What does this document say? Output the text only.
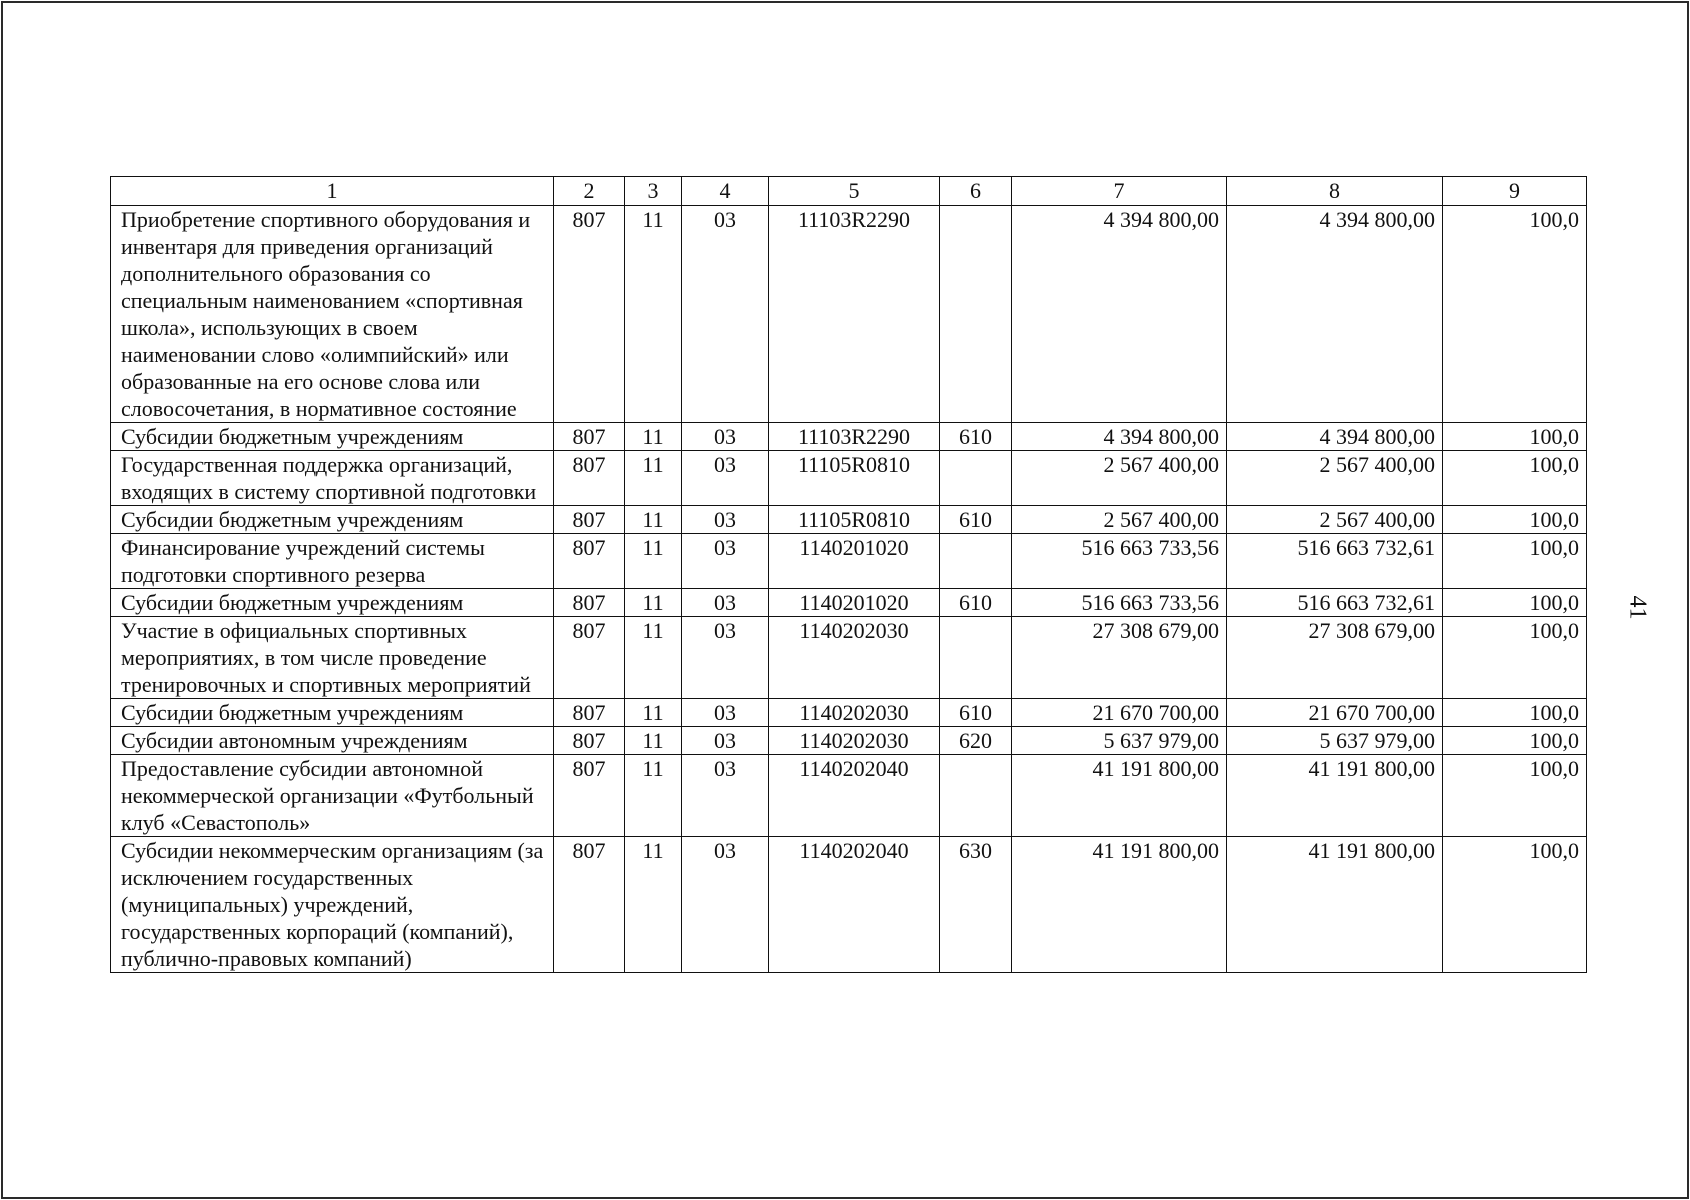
1	2	3	4	5	6	7	8	9
Приобретение спортивного оборудования и инвентаря для приведения организаций дополнительного образования со специальным наименованием «спортивная школа», использующих в своем наименовании слово «олимпийский» или образованные на его основе слова или словосочетания, в нормативное состояние	807	11	03	11103R2290		4 394 800,00	4 394 800,00	100,0
Субсидии бюджетным учреждениям	807	11	03	11103R2290	610	4 394 800,00	4 394 800,00	100,0
Государственная поддержка организаций, входящих в систему спортивной подготовки	807	11	03	11105R0810		2 567 400,00	2 567 400,00	100,0
Субсидии бюджетным учреждениям	807	11	03	11105R0810	610	2 567 400,00	2 567 400,00	100,0
Финансирование учреждений системы подготовки спортивного резерва	807	11	03	1140201020		516 663 733,56	516 663 732,61	100,0
Субсидии бюджетным учреждениям	807	11	03	1140201020	610	516 663 733,56	516 663 732,61	100,0
Участие в официальных спортивных мероприятиях, в том числе проведение тренировочных и спортивных мероприятий	807	11	03	1140202030		27 308 679,00	27 308 679,00	100,0
Субсидии бюджетным учреждениям	807	11	03	1140202030	610	21 670 700,00	21 670 700,00	100,0
Субсидии автономным учреждениям	807	11	03	1140202030	620	5 637 979,00	5 637 979,00	100,0
Предоставление субсидии автономной некоммерческой организации «Футбольный клуб «Севастополь»	807	11	03	1140202040		41 191 800,00	41 191 800,00	100,0
Субсидии некоммерческим организациям (за исключением государственных (муниципальных) учреждений, государственных корпораций (компаний), публично-правовых компаний)	807	11	03	1140202040	630	41 191 800,00	41 191 800,00	100,0
41
